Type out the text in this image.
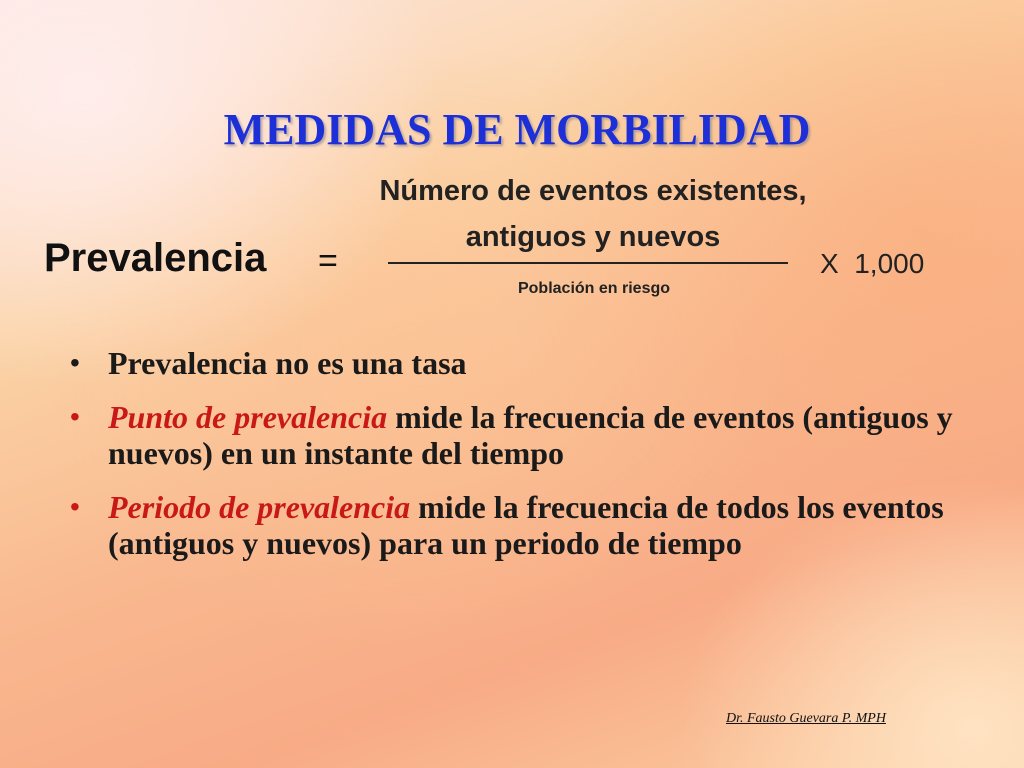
MEDIDAS DE MORBILIDAD
Prevalencia =
Número de eventos existentes,
antiguos y nuevos
Población en riesgo
X  1,000
• Prevalencia no es una tasa
• Punto de prevalencia mide la frecuencia de eventos (antiguos y nuevos) en un instante del tiempo
• Periodo de prevalencia mide la frecuencia de todos los eventos (antiguos y nuevos) para un periodo de tiempo
Dr. Fausto Guevara P. MPH
